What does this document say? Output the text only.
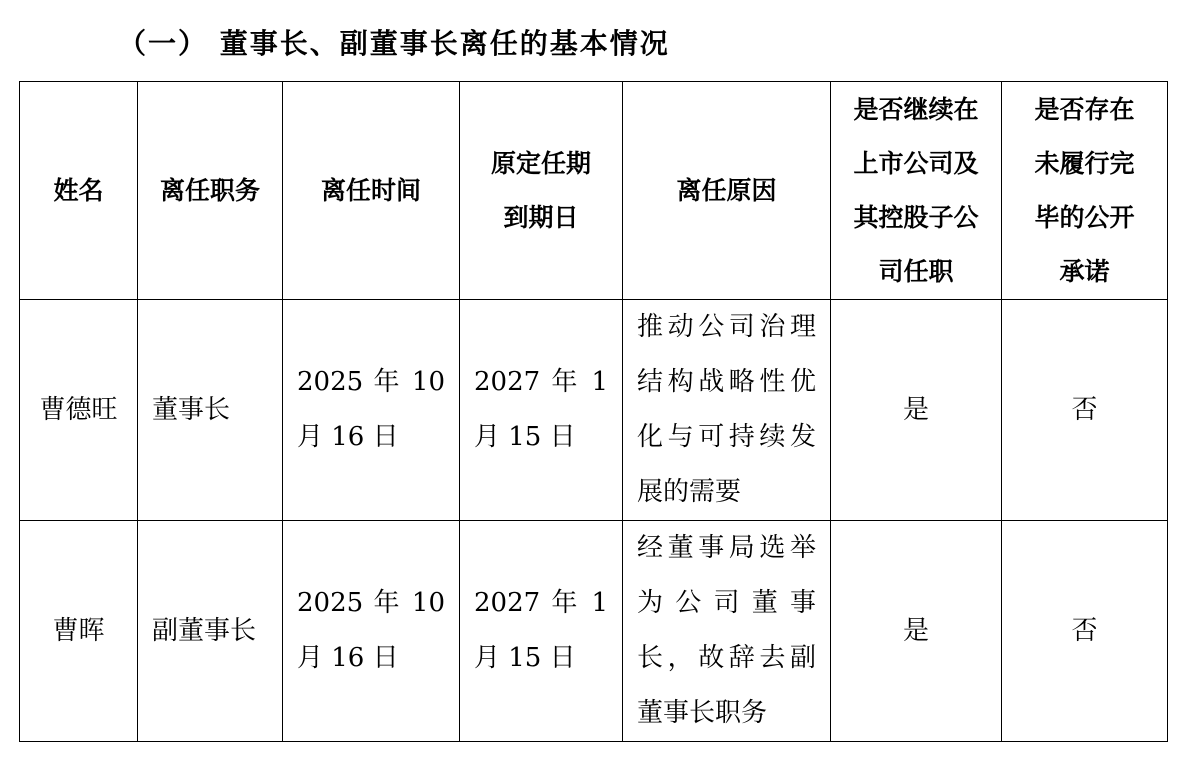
（一） 董事长、副董事长离任的基本情况
姓名	离任职务	离任时间	原定任期
到期日	离任原因	是否继续在
上市公司及
其控股子公
司任职	是否存在
未履行完
毕的公开
承诺
曹德旺	董事长	2025 年 10
月 16 日	2027 年 1
月 15 日	推动公司治理
结构战略性优
化与可持续发
展的需要	是	否
曹晖	副董事长	2025 年 10
月 16 日	2027 年 1
月 15 日	经董事局选举
为公司董事
长，故辞去副
董事长职务	是	否
